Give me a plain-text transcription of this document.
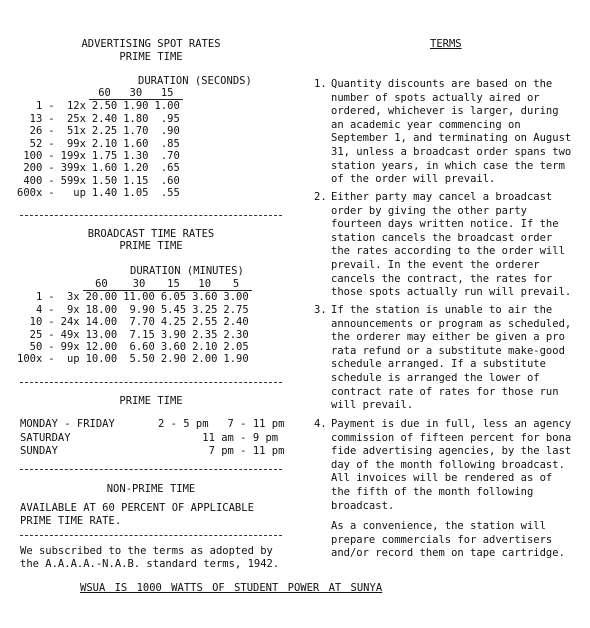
ADVERTISING SPOT RATES
PRIME TIME
DURATION (SECONDS)
			60	30	15
1	-	12x	2.50	1.90	1.00
13	-	25x	2.40	1.80	.95
26	-	51x	2.25	1.70	.90
52	-	99x	2.10	1.60	.85
100	-	199x	1.75	1.30	.70
200	-	399x	1.60	1.20	.65
400	-	599x	1.50	1.15	.60
600x	-	up	1.40	1.05	.55
BROADCAST TIME RATES
PRIME TIME
DURATION (MINUTES)
			60	30	15	10	5
1	-	3x	20.00	11.00	6.05	3.60	3.00
4	-	9x	18.00	9.90	5.45	3.25	2.75
10	-	24x	14.00	7.70	4.25	2.55	2.40
25	-	49x	13.00	7.15	3.90	2.35	2.30
50	-	99x	12.00	6.60	3.60	2.10	2.05
100x	-	up	10.00	5.50	2.90	2.00	1.90
PRIME TIME
MONDAY - FRIDAY	2 - 5 pm   7 - 11 pm
SATURDAY	11 am - 9 pm
SUNDAY	7 pm - 11 pm
NON-PRIME TIME
AVAILABLE AT 60 PERCENT OF APPLICABLE
PRIME TIME RATE.
We subscribed to the terms as adopted by
the A.A.A.A.-N.A.B. standard terms, 1942.
TERMS
1. Quantity discounts are based on the number of spots actually aired or ordered, whichever is larger, during an academic year commencing on September 1, and terminating on August 31, unless a broadcast order spans two station years, in which case the term of the order will prevail.
2. Either party may cancel a broadcast order by giving the other party fourteen days written notice. If the station cancels the broadcast order the rates according to the order will prevail. In the event the orderer cancels the contract, the rates for those spots actually run will prevail.
3. If the station is unable to air the announcements or program as scheduled, the orderer may either be given a pro rata refund or a substitute make-good schedule arranged. If a substitute schedule is arranged the lower of contract rate of rates for those run will prevail.
4. Payment is due in full, less an agency commission of fifteen percent for bona fide advertising agencies, by the last day of the month following broadcast. All invoices will be rendered as of the fifth of the month following broadcast.
As a convenience, the station will prepare commercials for advertisers and/or record them on tape cartridge.
WSUA IS 1000 WATTS OF STUDENT POWER AT SUNYA
